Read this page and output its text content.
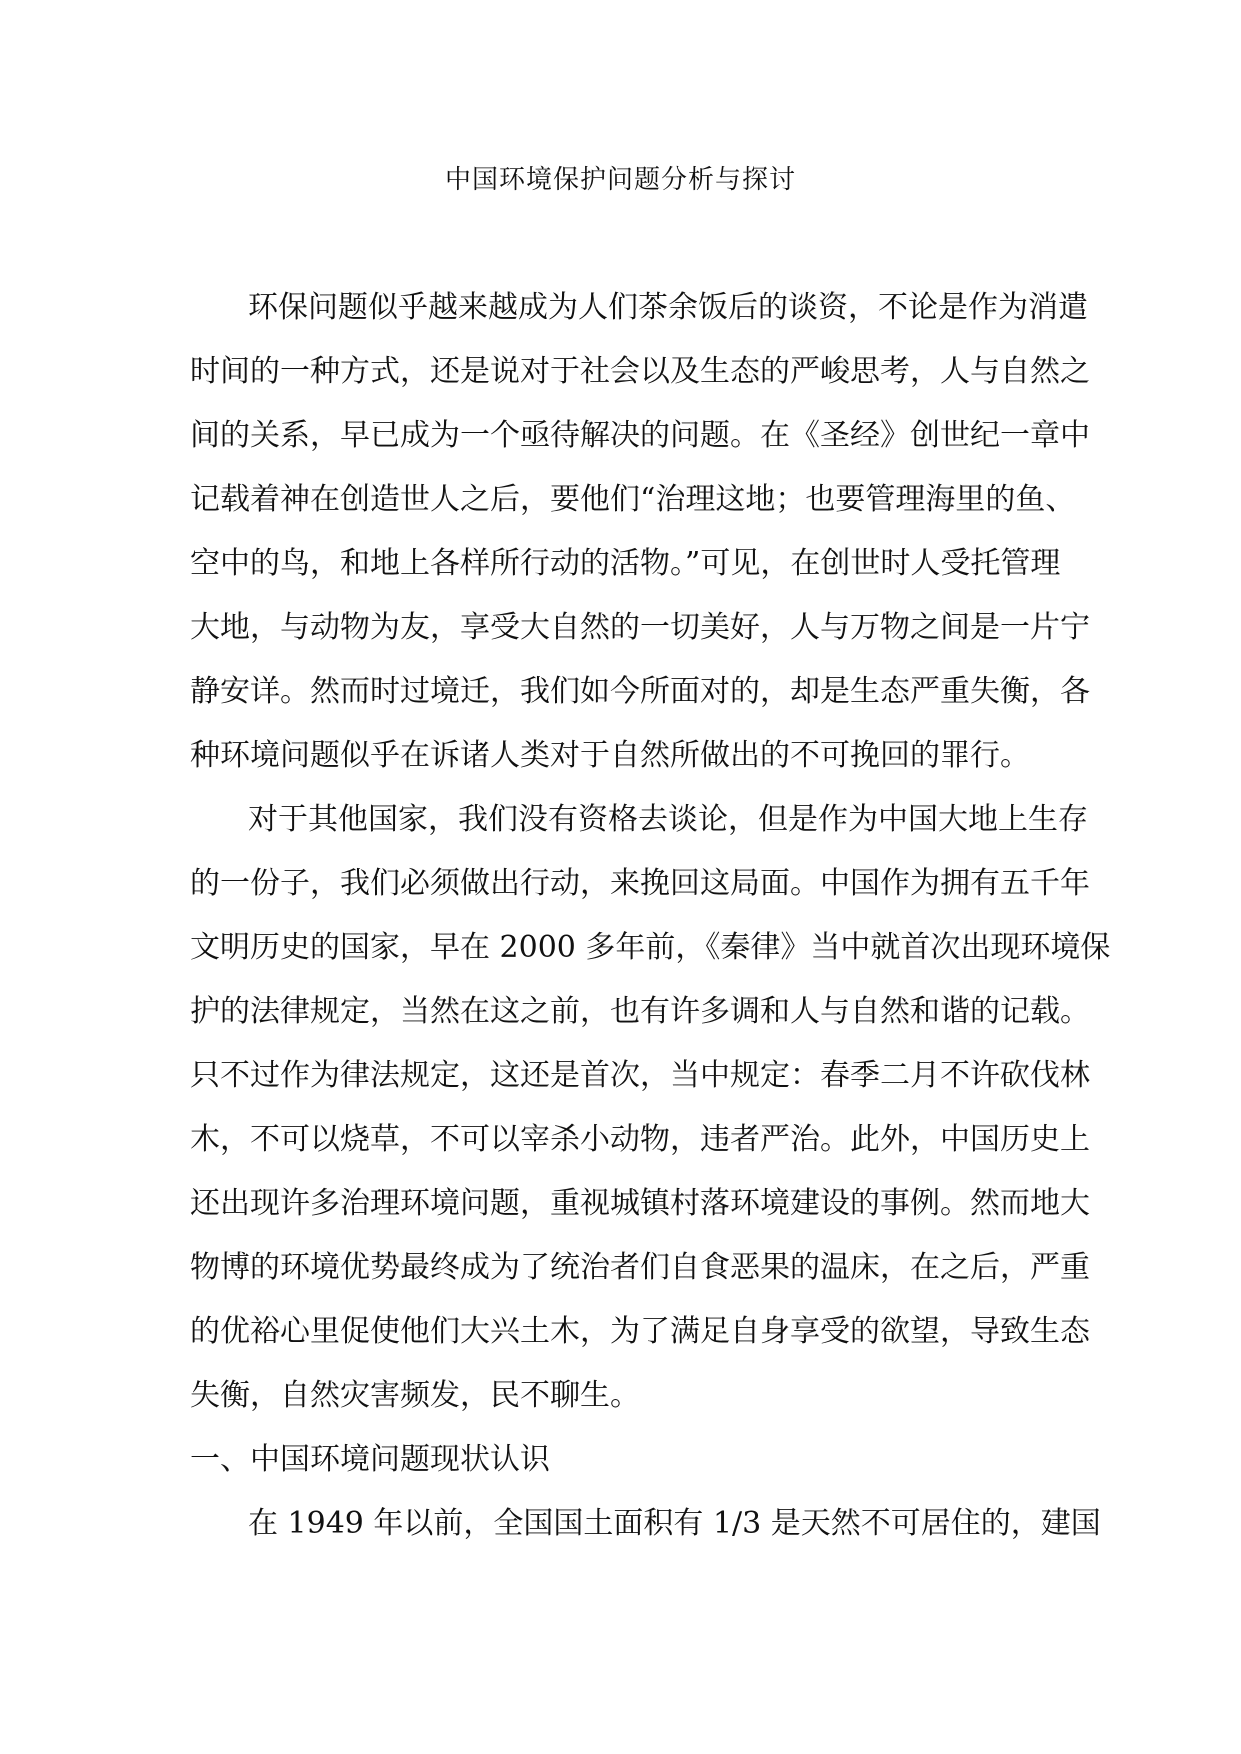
中国环境保护问题分析与探讨
环保问题似乎越来越成为人们茶余饭后的谈资，不论是作为消遣
时间的一种方式，还是说对于社会以及生态的严峻思考，人与自然之
间的关系，早已成为一个亟待解决的问题。在《圣经》创世纪一章中
记载着神在创造世人之后，要他们“治理这地；也要管理海里的鱼、
空中的鸟，和地上各样所行动的活物。”可见，在创世时人受托管理
大地，与动物为友，享受大自然的一切美好，人与万物之间是一片宁
静安详。然而时过境迁，我们如今所面对的，却是生态严重失衡，各
种环境问题似乎在诉诸人类对于自然所做出的不可挽回的罪行。
对于其他国家，我们没有资格去谈论，但是作为中国大地上生存
的一份子，我们必须做出行动，来挽回这局面。中国作为拥有五千年
文明历史的国家，早在 2000 多年前，《秦律》当中就首次出现环境保
护的法律规定，当然在这之前，也有许多调和人与自然和谐的记载。
只不过作为律法规定，这还是首次，当中规定：春季二月不许砍伐林
木，不可以烧草，不可以宰杀小动物，违者严治。此外，中国历史上
还出现许多治理环境问题，重视城镇村落环境建设的事例。然而地大
物博的环境优势最终成为了统治者们自食恶果的温床，在之后，严重
的优裕心里促使他们大兴土木，为了满足自身享受的欲望，导致生态
失衡，自然灾害频发，民不聊生。
一、中国环境问题现状认识
在 1949 年以前，全国国土面积有 1/3 是天然不可居住的，建国
